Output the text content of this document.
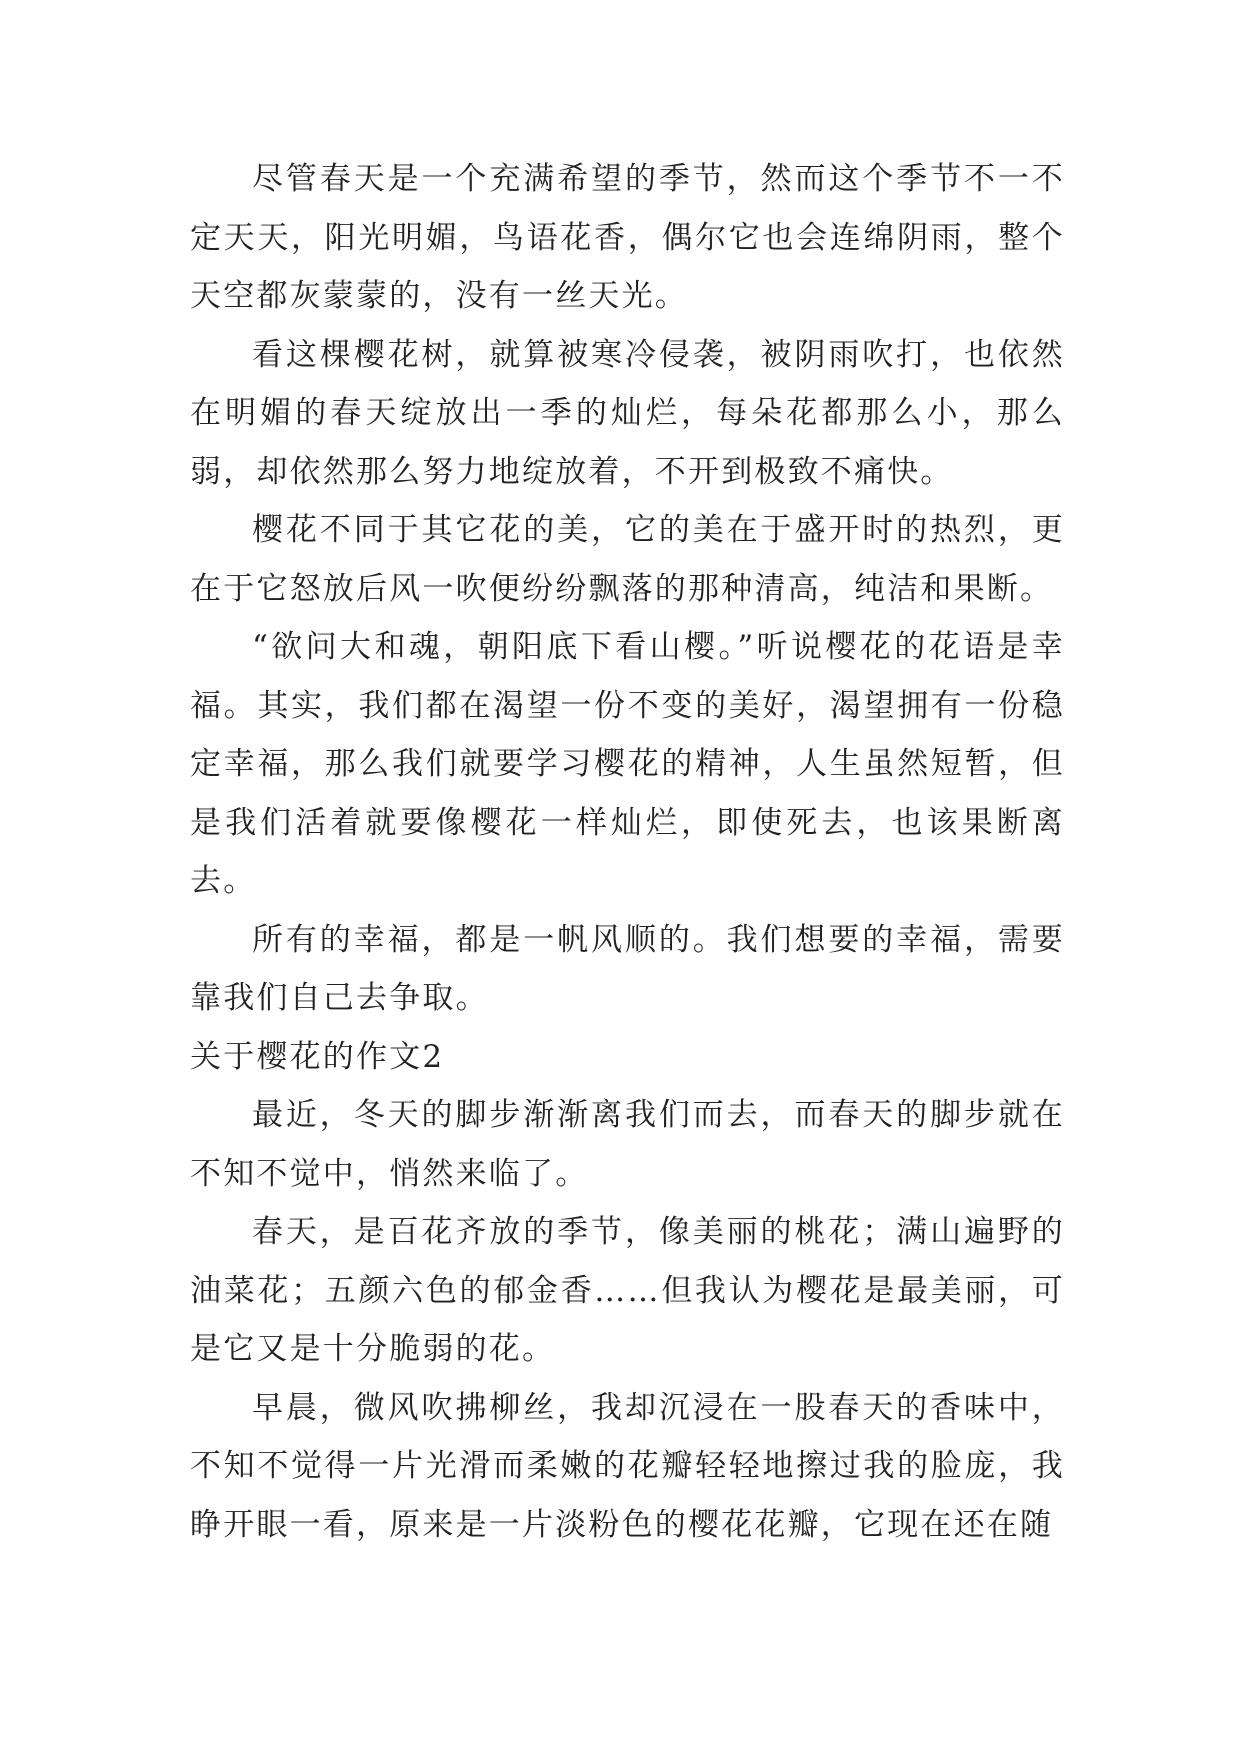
尽管春天是一个充满希望的季节，然而这个季节不一不定天天，阳光明媚，鸟语花香，偶尔它也会连绵阴雨，整个天空都灰蒙蒙的，没有一丝天光。

看这棵樱花树，就算被寒冷侵袭，被阴雨吹打，也依然在明媚的春天绽放出一季的灿烂，每朵花都那么小，那么弱，却依然那么努力地绽放着，不开到极致不痛快。

樱花不同于其它花的美，它的美在于盛开时的热烈，更在于它怒放后风一吹便纷纷飘落的那种清高，纯洁和果断。

“欲问大和魂，朝阳底下看山樱。”听说樱花的花语是幸福。其实，我们都在渴望一份不变的美好，渴望拥有一份稳定幸福，那么我们就要学习樱花的精神，人生虽然短暂，但是我们活着就要像樱花一样灿烂，即使死去，也该果断离去。

所有的幸福，都是一帆风顺的。我们想要的幸福，需要靠我们自己去争取。

关于樱花的作文2

最近，冬天的脚步渐渐离我们而去，而春天的脚步就在不知不觉中，悄然来临了。

春天，是百花齐放的季节，像美丽的桃花；满山遍野的油菜花；五颜六色的郁金香……但我认为樱花是最美丽，可是它又是十分脆弱的花。

早晨，微风吹拂柳丝，我却沉浸在一股春天的香味中，不知不觉得一片光滑而柔嫩的花瓣轻轻地擦过我的脸庞，我睁开眼一看，原来是一片淡粉色的樱花花瓣，它现在还在随
